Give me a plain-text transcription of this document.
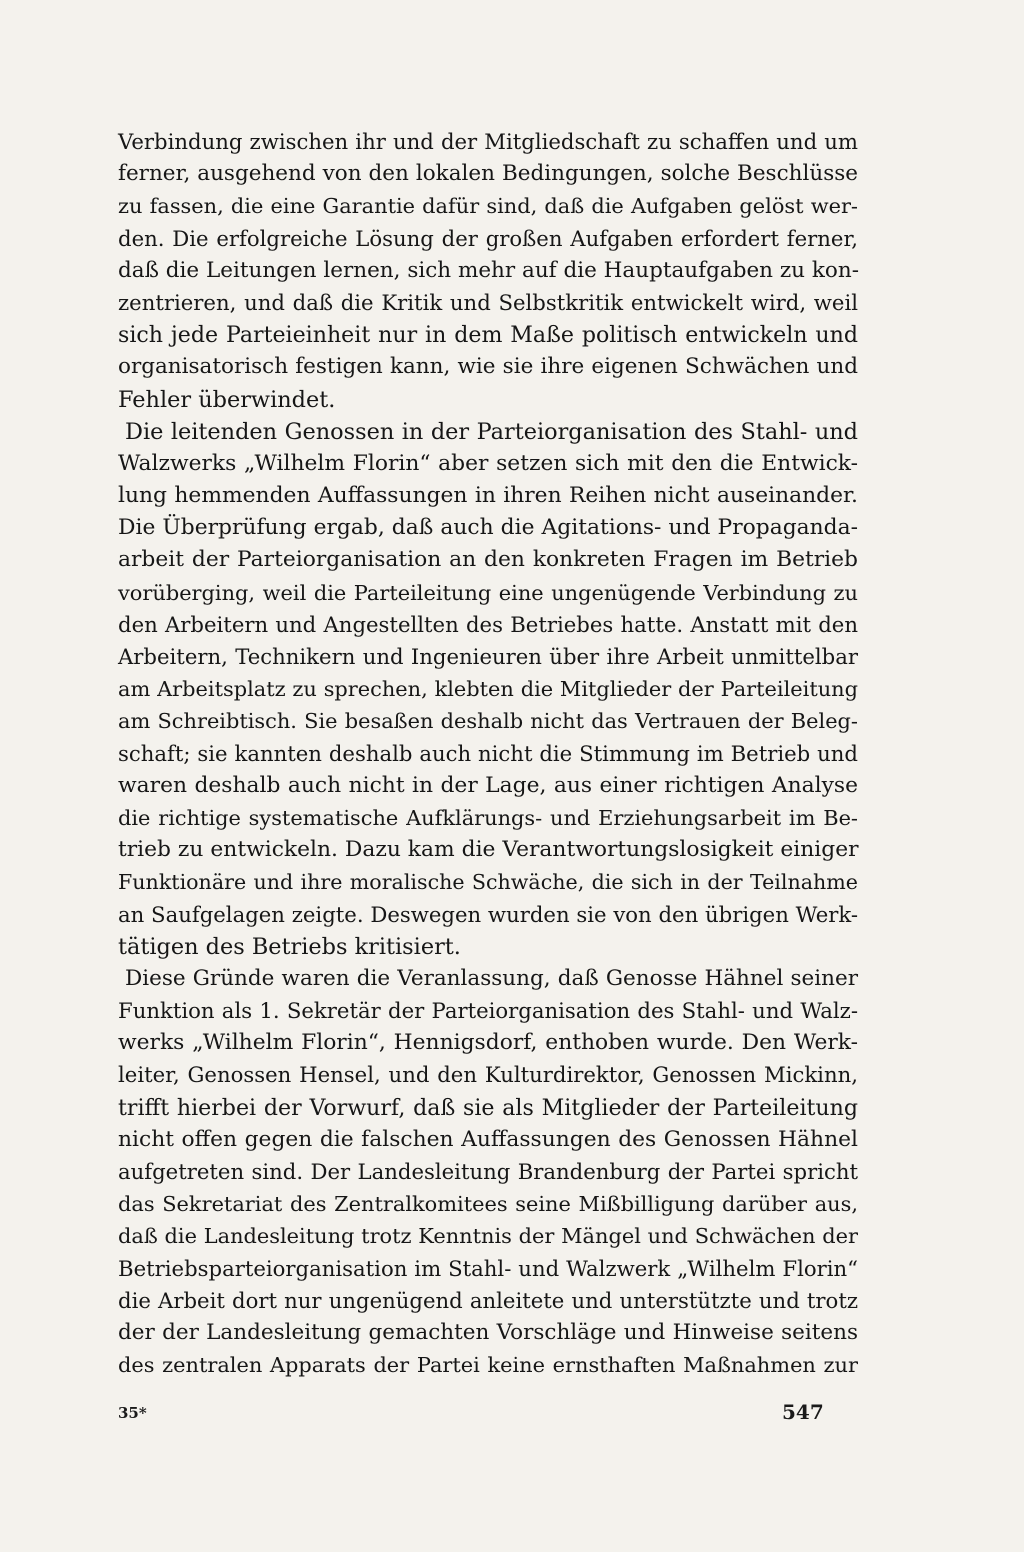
Verbindung zwischen ihr und der Mitgliedschaft zu schaffen und um
ferner, ausgehend von den lokalen Bedingungen, solche Beschlüsse
zu fassen, die eine Garantie dafür sind, daß die Aufgaben gelöst wer-
den. Die erfolgreiche Lösung der großen Aufgaben erfordert ferner,
daß die Leitungen lernen, sich mehr auf die Hauptaufgaben zu kon-
zentrieren, und daß die Kritik und Selbstkritik entwickelt wird, weil
sich jede Parteieinheit nur in dem Maße politisch entwickeln und
organisatorisch festigen kann, wie sie ihre eigenen Schwächen und
Fehler überwindet.
Die leitenden Genossen in der Parteiorganisation des Stahl- und
Walzwerks „Wilhelm Florin“ aber setzen sich mit den die Entwick-
lung hemmenden Auffassungen in ihren Reihen nicht auseinander.
Die Überprüfung ergab, daß auch die Agitations- und Propaganda-
arbeit der Parteiorganisation an den konkreten Fragen im Betrieb
vorüberging, weil die Parteileitung eine ungenügende Verbindung zu
den Arbeitern und Angestellten des Betriebes hatte. Anstatt mit den
Arbeitern, Technikern und Ingenieuren über ihre Arbeit unmittelbar
am Arbeitsplatz zu sprechen, klebten die Mitglieder der Parteileitung
am Schreibtisch. Sie besaßen deshalb nicht das Vertrauen der Beleg-
schaft; sie kannten deshalb auch nicht die Stimmung im Betrieb und
waren deshalb auch nicht in der Lage, aus einer richtigen Analyse
die richtige systematische Aufklärungs- und Erziehungsarbeit im Be-
trieb zu entwickeln. Dazu kam die Verantwortungslosigkeit einiger
Funktionäre und ihre moralische Schwäche, die sich in der Teilnahme
an Saufgelagen zeigte. Deswegen wurden sie von den übrigen Werk-
tätigen des Betriebs kritisiert.
Diese Gründe waren die Veranlassung, daß Genosse Hähnel seiner
Funktion als 1. Sekretär der Parteiorganisation des Stahl- und Walz-
werks „Wilhelm Florin“, Hennigsdorf, enthoben wurde. Den Werk-
leiter, Genossen Hensel, und den Kulturdirektor, Genossen Mickinn,
trifft hierbei der Vorwurf, daß sie als Mitglieder der Parteileitung
nicht offen gegen die falschen Auffassungen des Genossen Hähnel
aufgetreten sind. Der Landesleitung Brandenburg der Partei spricht
das Sekretariat des Zentralkomitees seine Mißbilligung darüber aus,
daß die Landesleitung trotz Kenntnis der Mängel und Schwächen der
Betriebsparteiorganisation im Stahl- und Walzwerk „Wilhelm Florin“
die Arbeit dort nur ungenügend anleitete und unterstützte und trotz
der der Landesleitung gemachten Vorschläge und Hinweise seitens
des zentralen Apparats der Partei keine ernsthaften Maßnahmen zur
35*	547
